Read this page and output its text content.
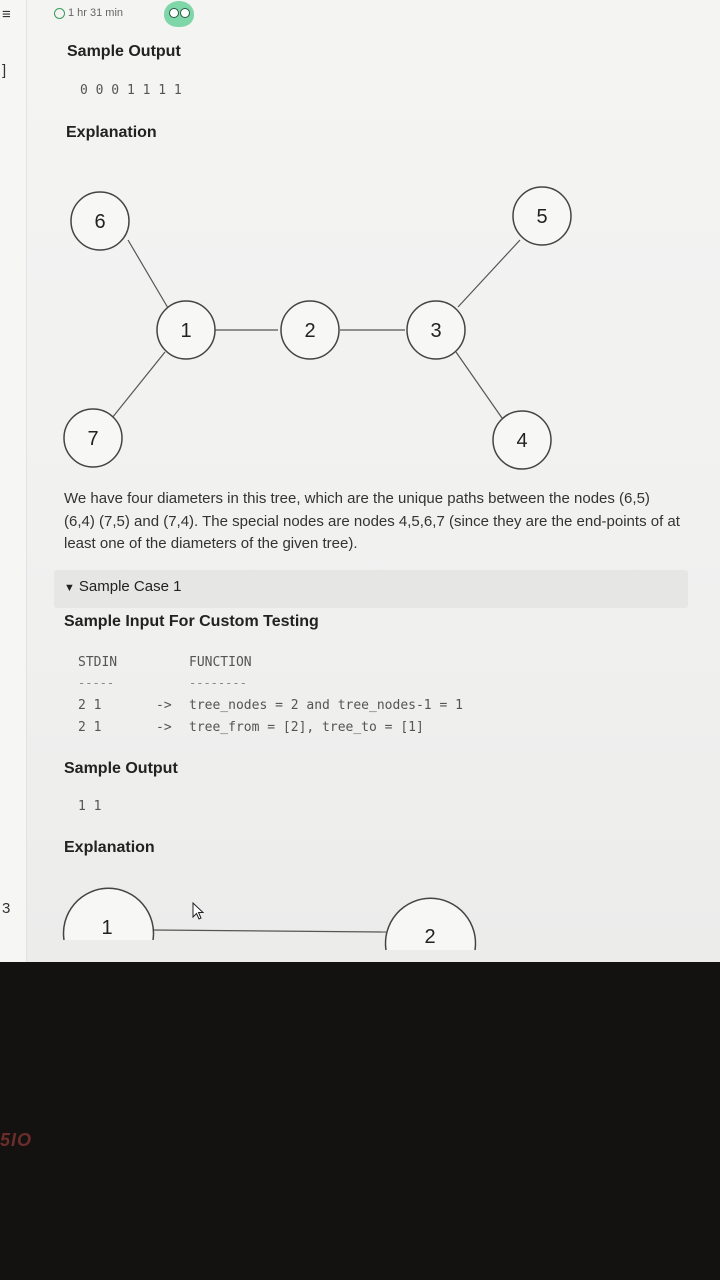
≡
]
3
1 hr 31 min
Sample Output
0 0 0 1 1 1 1
Explanation
6
1	2	3
5
7	4
1	2
We have four diameters in this tree, which are the unique paths between the nodes (6,5) (6,4) (7,5) and (7,4). The special nodes are nodes 4,5,6,7 (since they are the end-points of at least one of the diameters of the given tree).
▼ Sample Case 1
Sample Input For Custom Testing
STDIN	FUNCTION
-----	--------
2 1	-> tree_nodes = 2 and tree_nodes-1 = 1
2 1	-> tree_from = [2], tree_to = [1]
Sample Output
1 1
Explanation
5IO
